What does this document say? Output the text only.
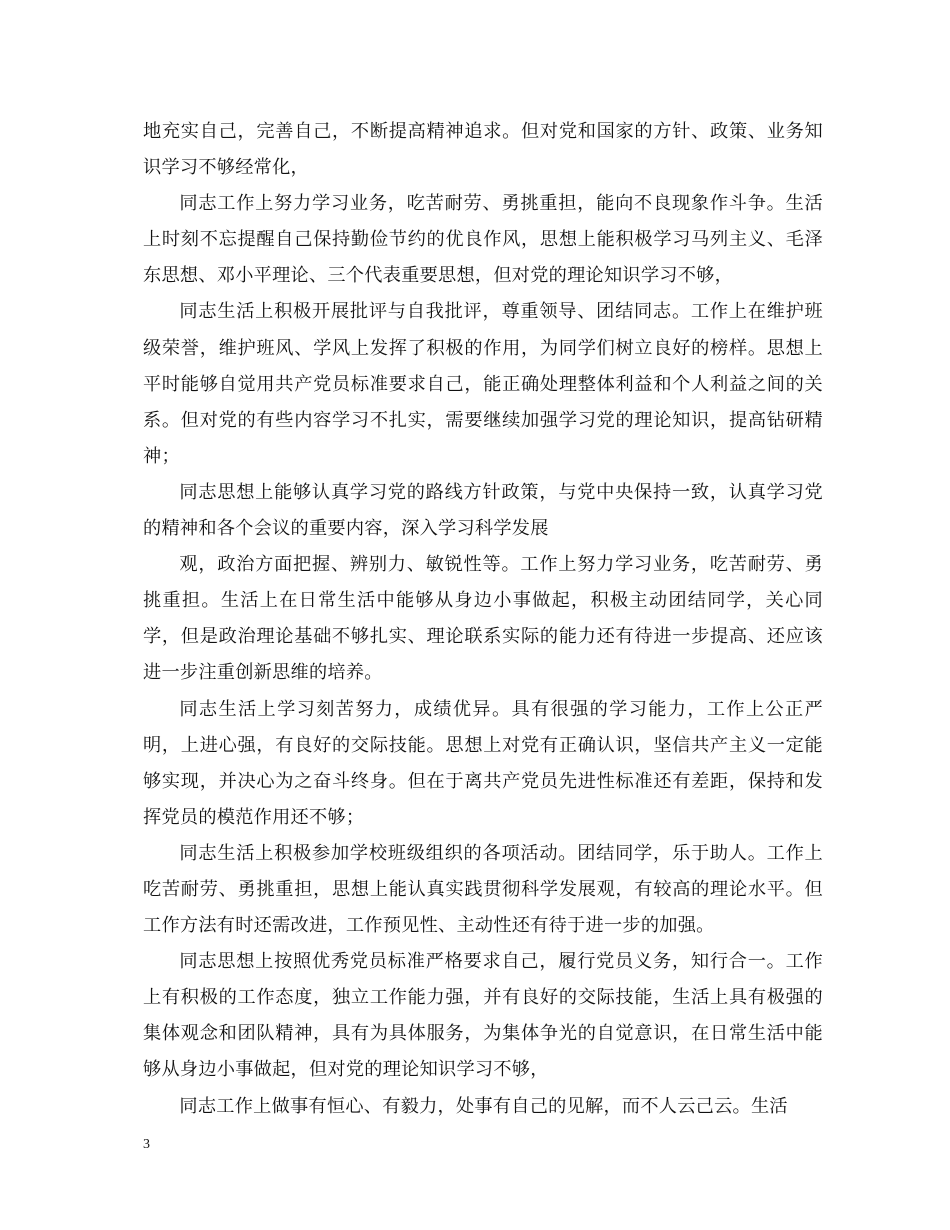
地充实自己，完善自己，不断提高精神追求。但对党和国家的方针、政策、业务知识学习不够经常化，

同志工作上努力学习业务，吃苦耐劳、勇挑重担，能向不良现象作斗争。生活上时刻不忘提醒自己保持勤俭节约的优良作风，思想上能积极学习马列主义、毛泽东思想、邓小平理论、三个代表重要思想，但对党的理论知识学习不够，

同志生活上积极开展批评与自我批评，尊重领导、团结同志。工作上在维护班级荣誉，维护班风、学风上发挥了积极的作用，为同学们树立良好的榜样。思想上平时能够自觉用共产党员标准要求自己，能正确处理整体利益和个人利益之间的关系。但对党的有些内容学习不扎实，需要继续加强学习党的理论知识，提高钻研精神；

同志思想上能够认真学习党的路线方针政策，与党中央保持一致，认真学习党的精神和各个会议的重要内容，深入学习科学发展

观，政治方面把握、辨别力、敏锐性等。工作上努力学习业务，吃苦耐劳、勇挑重担。生活上在日常生活中能够从身边小事做起，积极主动团结同学，关心同学，但是政治理论基础不够扎实、理论联系实际的能力还有待进一步提高、还应该进一步注重创新思维的培养。

同志生活上学习刻苦努力，成绩优异。具有很强的学习能力，工作上公正严明，上进心强，有良好的交际技能。思想上对党有正确认识，坚信共产主义一定能够实现，并决心为之奋斗终身。但在于离共产党员先进性标准还有差距，保持和发挥党员的模范作用还不够；

同志生活上积极参加学校班级组织的各项活动。团结同学，乐于助人。工作上吃苦耐劳、勇挑重担，思想上能认真实践贯彻科学发展观，有较高的理论水平。但工作方法有时还需改进，工作预见性、主动性还有待于进一步的加强。

同志思想上按照优秀党员标准严格要求自己，履行党员义务，知行合一。工作上有积极的工作态度，独立工作能力强，并有良好的交际技能，生活上具有极强的集体观念和团队精神，具有为具体服务，为集体争光的自觉意识，在日常生活中能够从身边小事做起，但对党的理论知识学习不够，

同志工作上做事有恒心、有毅力，处事有自己的见解，而不人云己云。生活

3
